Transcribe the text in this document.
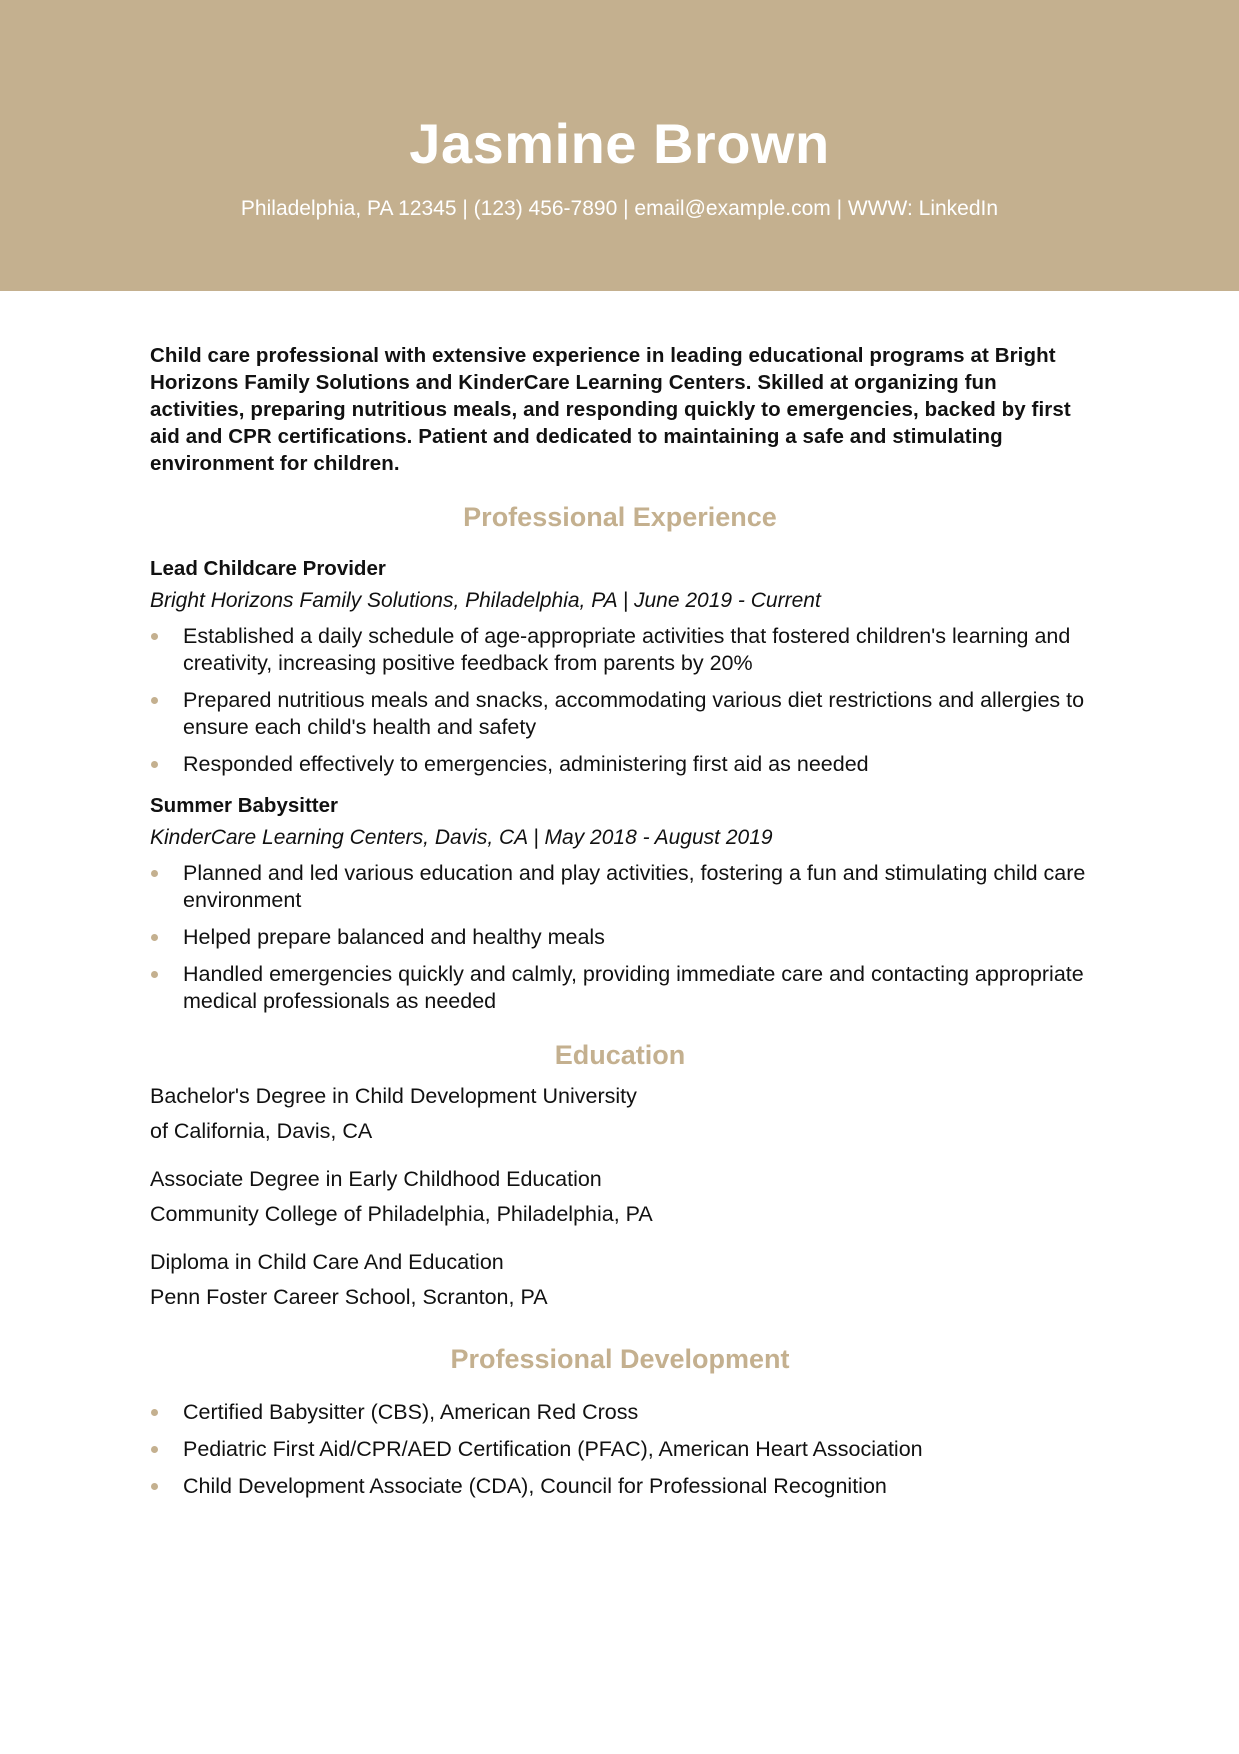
Jasmine Brown
Philadelphia, PA 12345 | (123) 456-7890 | email@example.com | WWW: LinkedIn

Child care professional with extensive experience in leading educational programs at Bright Horizons Family Solutions and KinderCare Learning Centers. Skilled at organizing fun activities, preparing nutritious meals, and responding quickly to emergencies, backed by first aid and CPR certifications. Patient and dedicated to maintaining a safe and stimulating environment for children.

Professional Experience

Lead Childcare Provider

Bright Horizons Family Solutions, Philadelphia, PA | June 2019 - Current

Established a daily schedule of age-appropriate activities that fostered children's learning and creativity, increasing positive feedback from parents by 20%
Prepared nutritious meals and snacks, accommodating various diet restrictions and allergies to ensure each child's health and safety
Responded effectively to emergencies, administering first aid as needed

Summer Babysitter

KinderCare Learning Centers, Davis, CA | May 2018 - August 2019

Planned and led various education and play activities, fostering a fun and stimulating child care environment
Helped prepare balanced and healthy meals
Handled emergencies quickly and calmly, providing immediate care and contacting appropriate medical professionals as needed
Education

Bachelor's Degree in Child Development University

of California, Davis, CA

Associate Degree in Early Childhood Education

Community College of Philadelphia, Philadelphia, PA

Diploma in Child Care And Education

Penn Foster Career School, Scranton, PA

Professional Development
Certified Babysitter (CBS), American Red Cross
Pediatric First Aid/CPR/AED Certification (PFAC), American Heart Association
Child Development Associate (CDA), Council for Professional Recognition
